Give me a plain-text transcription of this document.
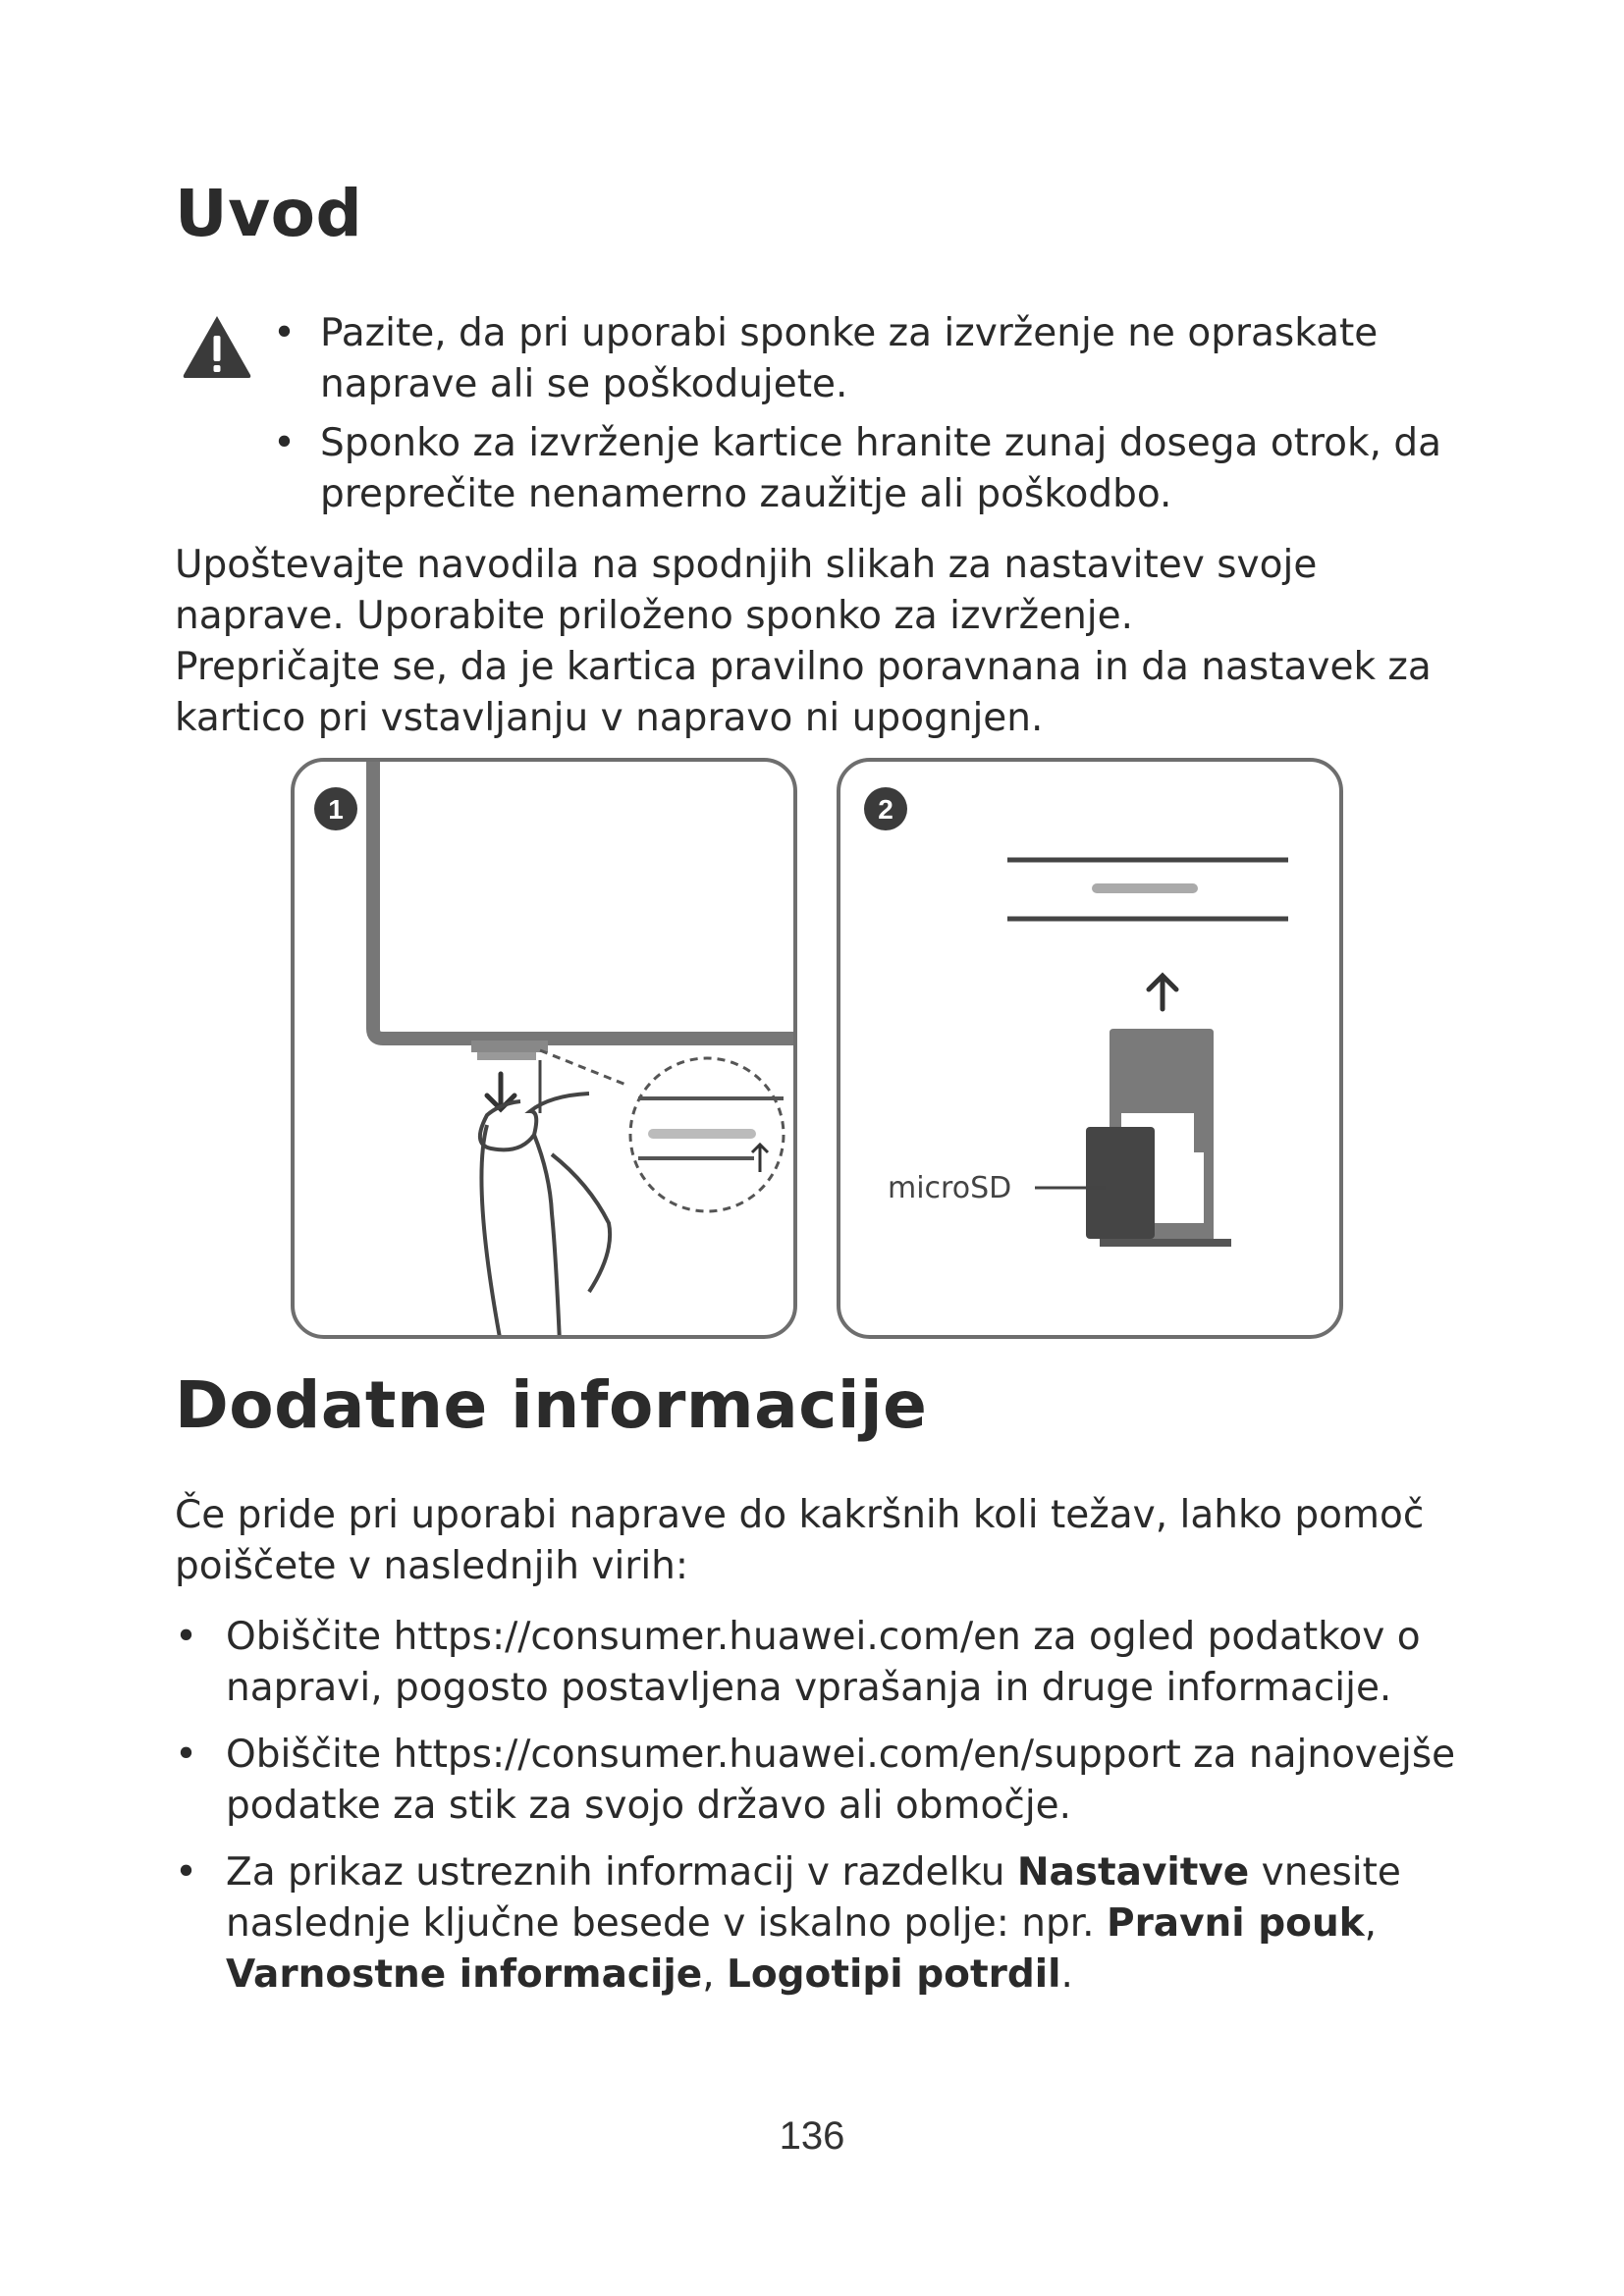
Uvod
• Pazite, da pri uporabi sponke za izvrženje ne opraskate
naprave ali se poškodujete.
• Sponko za izvrženje kartice hranite zunaj dosega otrok, da
preprečite nenamerno zaužitje ali poškodbo.

Upoštevajte navodila na spodnjih slikah za nastavitev svoje naprave. Uporabite priloženo sponko za izvrženje.

Prepričajte se, da je kartica pravilno poravnana in da nastavek za kartico pri vstavljanju v napravo ni upognjen.

1	2
microSD
Dodatne informacije

Če pride pri uporabi naprave do kakršnih koli težav, lahko pomoč poiščete v naslednjih virih:

• Obiščite https://consumer.huawei.com/en za ogled podatkov o napravi, pogosto postavljena vprašanja in druge informacije.
• Obiščite https://consumer.huawei.com/en/support za najnovejše podatke za stik za svojo državo ali območje.
• Za prikaz ustreznih informacij v razdelku Nastavitve vnesite naslednje ključne besede v iskalno polje: npr. Pravni pouk, Varnostne informacije, Logotipi potrdil.
136
